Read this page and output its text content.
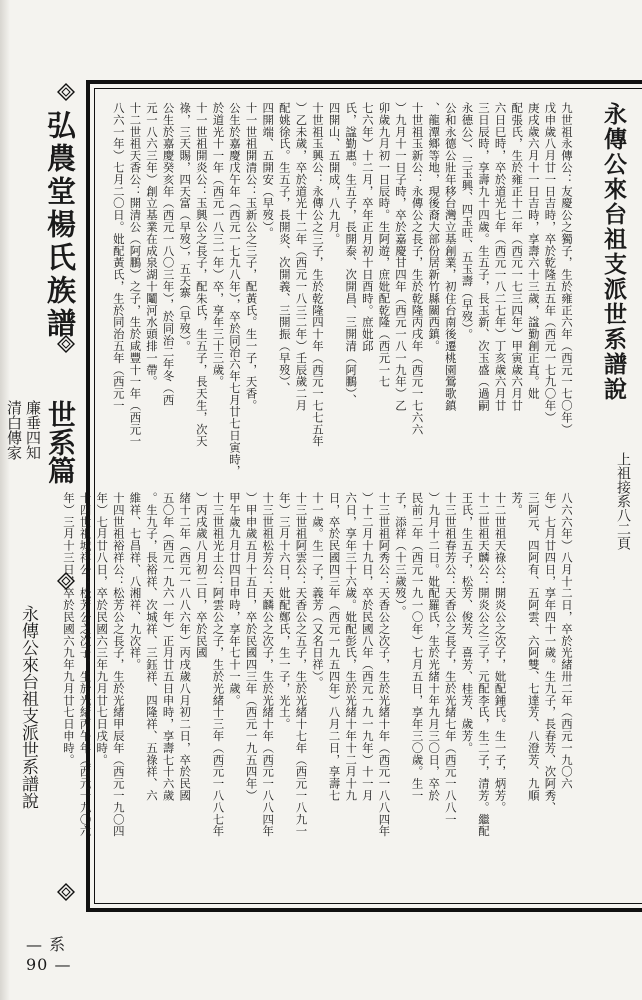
弘農堂楊氏族譜
世系篇
廉垂四知
清白傳家
永傳公來台祖支派世系譜說
— 系 90 —
永傳公來台祖支派世系譜說
上祖接系八二頁
九世祖永傳公：友慶公之獨子，生於雍正六年（西元一七〇年）
戊申歲八月廿一日吉時，卒於乾隆五五年（西元一七九〇年）
庚戌歲六月十一日吉時，享壽六十三歲，諡勤創正直。妣
配張氏，生於雍正十二年（西元一七三四年）甲寅歲六月廿
六日巳時，卒於道光七年（西元一八二七年）丁亥歲六月廿
三日辰時，享壽九十四歲。生五子，長玉新、次玉盛（過嗣
永德公）、三玉興、四玉旺、五玉壽（早歿）。
公和永德公壯年移台灣立基創業，初住台南後遷桃園鶯歌鎮
、龍潭鄉等地，現後裔大部份居新竹縣關西鎮。
十世祖玉新公：永傳公之長子，生於乾隆丙戌年（西元一七六六
）九月十一日子時，卒於嘉慶甘四年（西元一八一九年）乙
卯歲九月初一日辰時。生阿遊，庶妣配乾隆（西元一七
七六年）十二月，卒年正月初十日酉時。庶妣邱
氏，諡勤惠。生五子，長開泰、次開昌、三開清（阿鵬）、
四開山、五開成，八九月。
十世祖玉興公：永傳公之三子，生於乾隆四十年（西元一七七五年
）乙未歲，卒於道光十二年（西元一八三二年）壬辰歲二月
配姚徐氏。生五子，長開炎、次開義、三開振（早歿）、
四開端、五開安（早歿）。
十一世祖開清公：玉新公之三子，配黃氏。生一子，天香。
公生於嘉慶戊午年（西元一七九八年），卒於同治六年七月廿七日寅時，
於道光十一年（西元一八三一年）卒，享年三十三歲。
十一世祖開炎公：玉興公之長子，配朱氏，生五子，長天生，次天
祿，三天賜，四天富（早歿），五天寨（早歿）。
公生於嘉慶癸亥年（西元一八〇三年），於同治二年冬（西
元一八六三年）創立基業在成泉湖十鬮河水頭排一帶。
十二世祖天香公：開清公（阿鵬）之子，生於咸豐十一年（西元一
八六一年）七月二〇日。妣配黃氏，生於同治五年（西元一
八六六年）八月十二日，卒於光緒卅二年（西元一九〇六
年）七月廿四日，享年四十一歲。生九子，長春芳、次阿秀、
三阿元、四阿有、五阿雲、六阿雙、七達芳、八澄芳、九順
芳。
十二世祖天祿公：開炎公之次子，妣配鍾氏。生一子，炳芳。
十二世祖天麟公：開炎公之三子，元配李氏，生二子，清芳。繼配
王氏，生五子，松芳、俊芳、喜芳、桂芳、歲芳。
十三世祖春芳公：天香公之長子，生於光緒七年（西元一八八一
）九月十二日。妣配羅氏，生於光緒十年九月三〇日，卒於
民前二年（西元一九一〇年）七月五日，享年三〇歲。生一
子，添祥（十三歲歿）。
十三世祖阿秀公：天香公之次子，生於光緒十年（西元一八八四年
）十二月十九日，卒於民國八年（西元一九一九年）十一月
六日，享年三十六歲。妣配彭氏，生於光緒十年十二月十九
日，卒於民國四三年（西元一九五四年）八月二日，享壽七
十一歲。生一子，義芳（又名日祥）。
十三世祖阿雲公：天香公之五子，生於光緒十七年（西元一八九一
年）三月十六日，妣配鄭氏，生一子，光土。
十三世祖松芳公：天麟公之次子，生於光緒十年（西元一八八四年
）甲申歲五月十五日，卒於民國四三年（西元一九五四年）
甲午歲九月廿四日申時，享年七十一歲。
十三世祖光土公：阿雲公之子，生於光緒十三年（西元一八八七年
）丙戌歲八月初二日，卒於民國
緒十二年（西元一八八六年）丙戌歲八月初二日，卒於民國
五〇年（西元一九六一年）正月廿五日申時，享壽七十六歲
。生九子，長裕祥、次城祥、三鈺祥、四隆祥、五祿祥、六
維祥、七昌祥、八湘祥、九次祥。
十四世祖裕祥公：松芳公之長子，生於光緒甲辰年（西元一九〇四
年）七月廿八日，卒於民國六三年九月廿七日戌時。
十四世祖城祥公：松芳公之次子，生於光緒丙午年（西元一九〇六
年）三月十三日，卒於民國六九年九月廿七日申時。
